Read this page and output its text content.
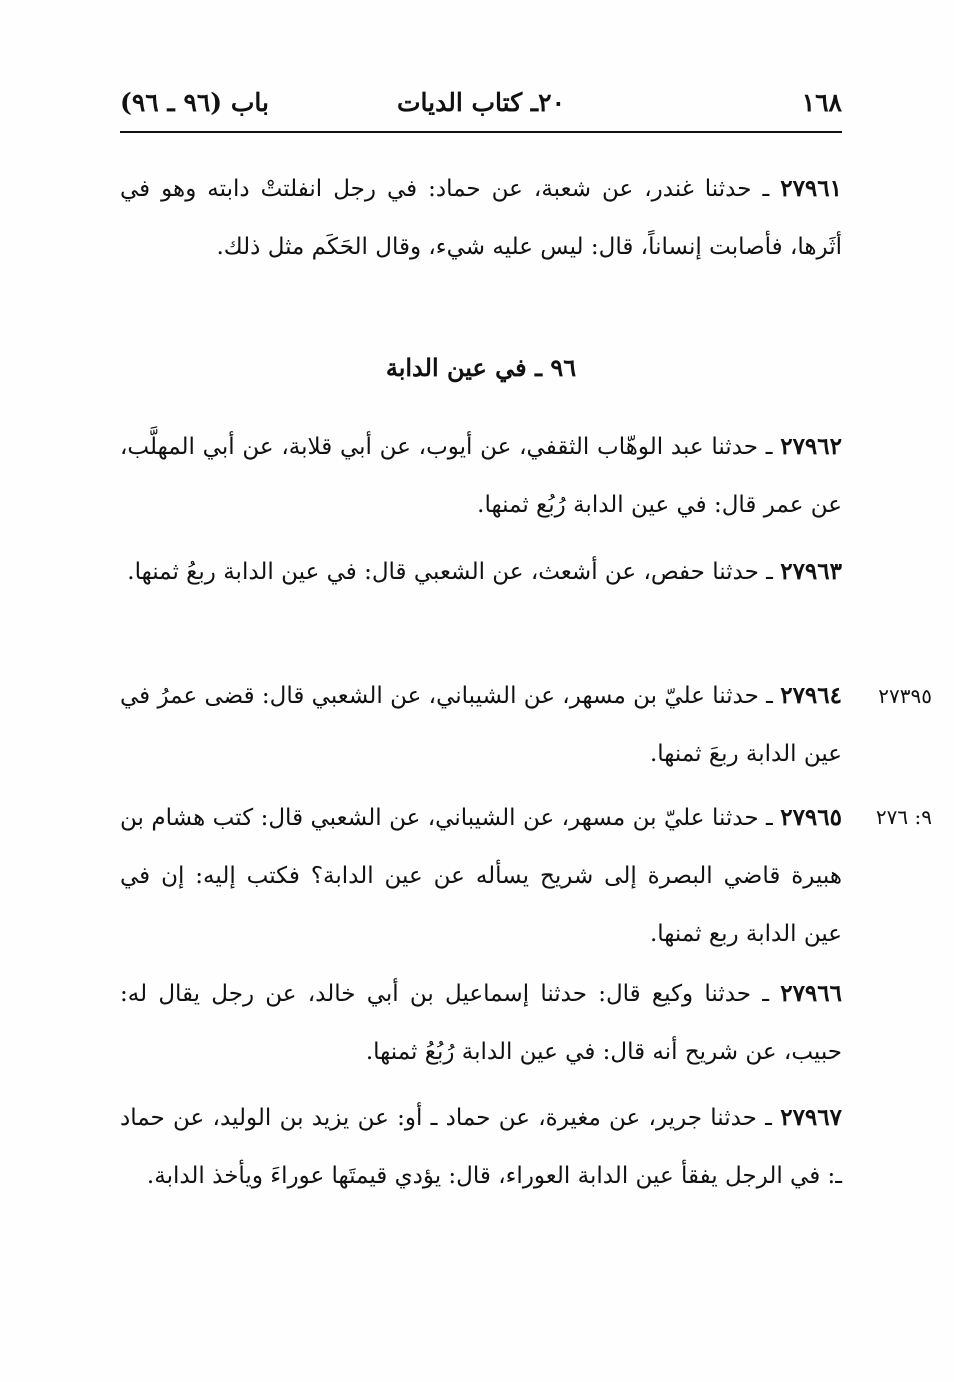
١٦٨
٢٠ـ كتاب الديات
باب (٩٦ ـ ٩٦)
٢٧٩٦١ ـ حدثنا غندر، عن شعبة، عن حماد: في رجل انفلتتْ دابته وهو في أثَرها، فأصابت إنساناً، قال: ليس عليه شيء، وقال الحَكَم مثل ذلك.
٩٦ ـ في عين الدابة
٢٧٩٦٢ ـ حدثنا عبد الوهّاب الثقفي، عن أيوب، عن أبي قلابة، عن أبي المهلَّب، عن عمر قال: في عين الدابة رُبُع ثمنها.
٢٧٩٦٣ ـ حدثنا حفص، عن أشعث، عن الشعبي قال: في عين الدابة ربعُ ثمنها.
٢٧٣٩٥
٢٧٩٦٤ ـ حدثنا عليّ بن مسهر، عن الشيباني، عن الشعبي قال: قضى عمرُ في عين الدابة ربعَ ثمنها.
٩: ٢٧٦
٢٧٩٦٥ ـ حدثنا عليّ بن مسهر، عن الشيباني، عن الشعبي قال: كتب هشام بن هبيرة قاضي البصرة إلى شريح يسأله عن عين الدابة؟ فكتب إليه: إن في عين الدابة ربع ثمنها.
٢٧٩٦٦ ـ حدثنا وكيع قال: حدثنا إسماعيل بن أبي خالد، عن رجل يقال له: حبيب، عن شريح أنه قال: في عين الدابة رُبُعُ ثمنها.
٢٧٩٦٧ ـ حدثنا جرير، عن مغيرة، عن حماد ـ أو: عن يزيد بن الوليد، عن حماد ـ: في الرجل يفقأ عين الدابة العوراء، قال: يؤدي قيمتَها عوراءَ ويأخذ الدابة.
